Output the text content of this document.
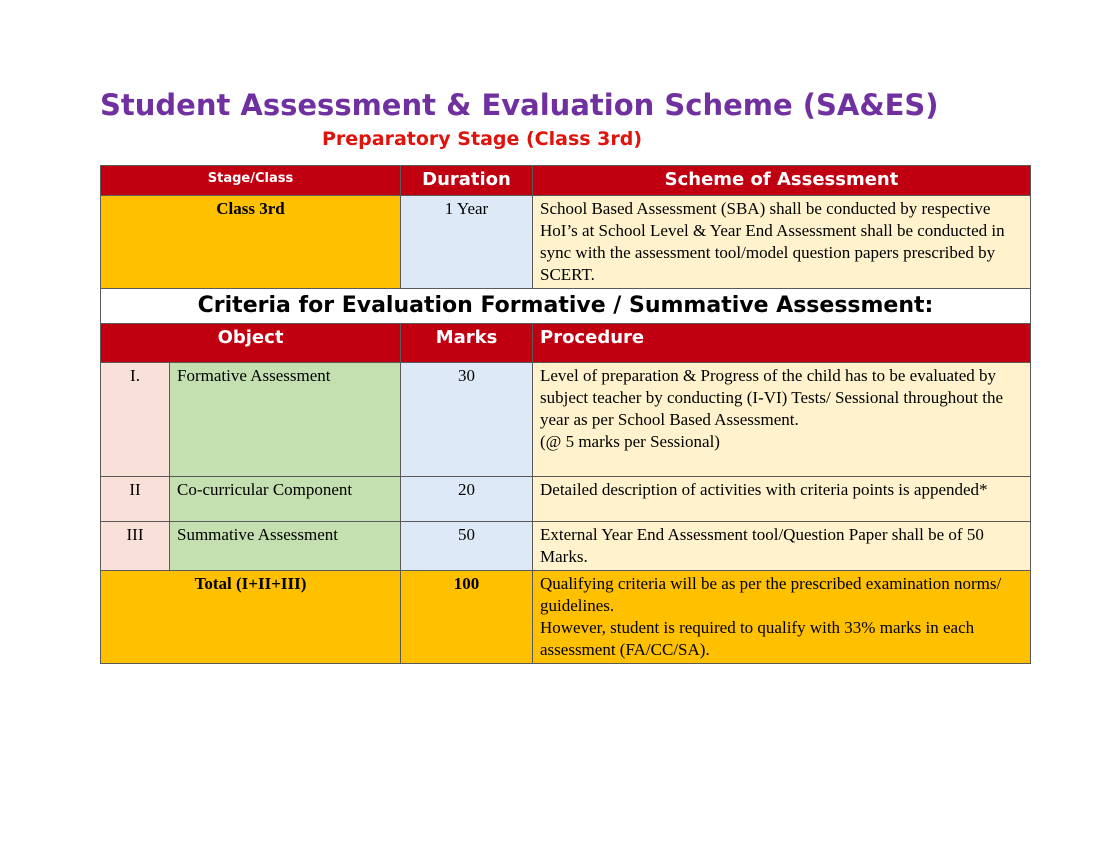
Student Assessment & Evaluation Scheme (SA&ES)
Preparatory Stage (Class 3rd)
Stage/Class		Duration	Scheme of Assessment
Class 3rd		1 Year	School Based Assessment (SBA) shall be conducted by respective HoI’s at School Level & Year End Assessment shall be conducted in sync with the assessment tool/model question papers prescribed by SCERT.
Criteria for Evaluation Formative / Summative Assessment:			
Object		Marks	Procedure
I.	Formative Assessment	30	Level of preparation & Progress of the child has to be evaluated by subject teacher by conducting (I-VI) Tests/ Sessional throughout the year as per School Based Assessment.
(@ 5 marks per Sessional)

II	Co-curricular Component	20	Detailed description of activities with criteria points is appended*
III	Summative Assessment	50	External Year End Assessment tool/Question Paper shall be of 50 Marks.
Total (I+II+III)		100	Qualifying criteria will be as per the prescribed examination norms/ guidelines.
However, student is required to qualify with 33% marks in each assessment (FA/CC/SA).
